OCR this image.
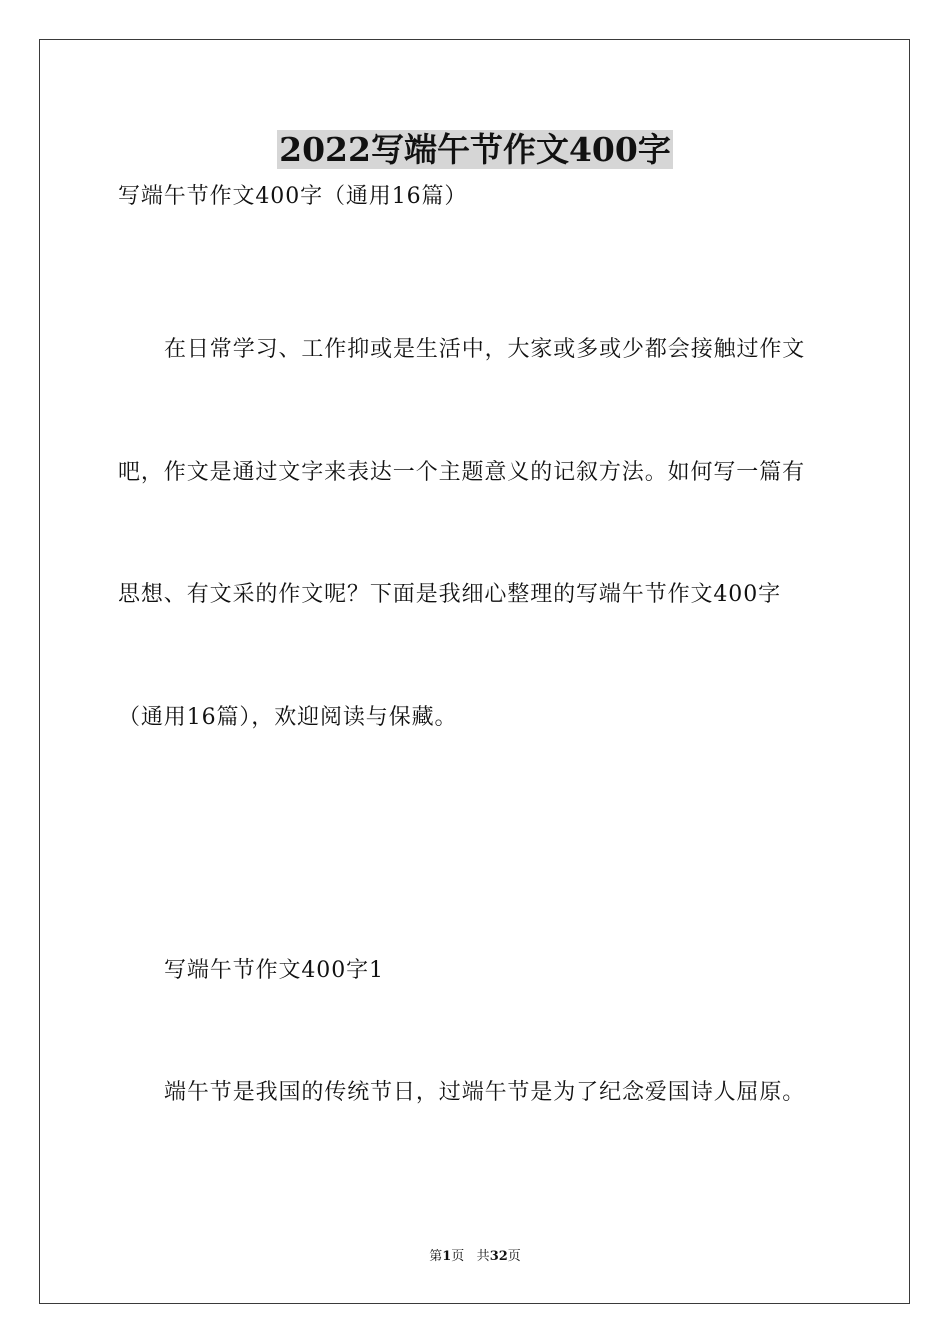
2022写端午节作文400字
写端午节作文400字（通用16篇）
在日常学习、工作抑或是生活中，大家或多或少都会接触过作文
吧，作文是通过文字来表达一个主题意义的记叙方法。如何写一篇有
思想、有文采的作文呢？下面是我细心整理的写端午节作文400字
（通用16篇），欢迎阅读与保藏。
写端午节作文400字1
端午节是我国的传统节日，过端午节是为了纪念爱国诗人屈原。
第1页 共32页
